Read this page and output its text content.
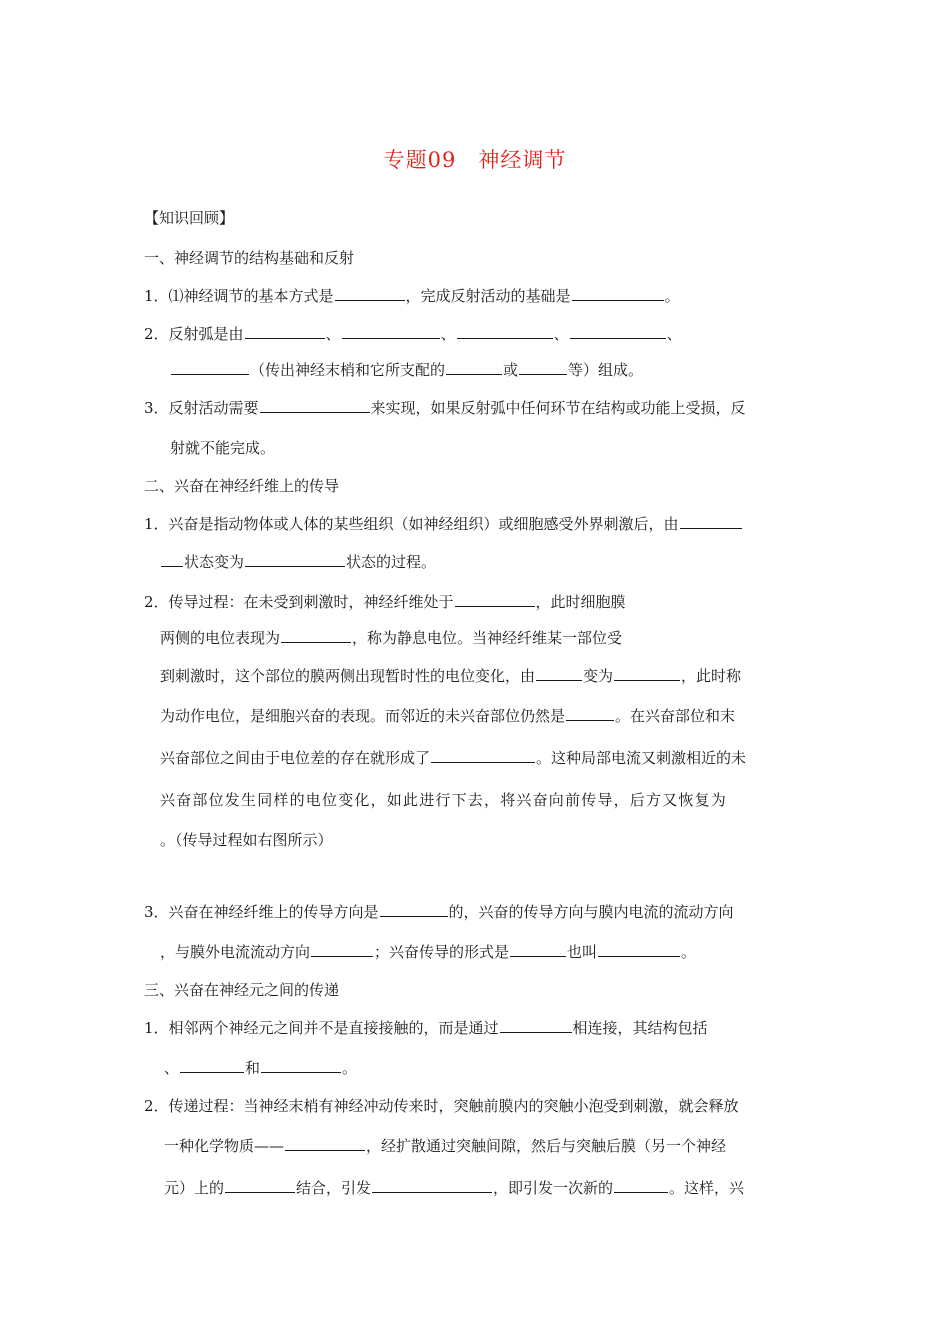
专题09　神经调节
【知识回顾】
一、神经调节的结构基础和反射
1．⑴神经调节的基本方式是	，完成反射活动的基础是	。
2．反射弧是由	、	、	、	、
（传出神经末梢和它所支配的	或	等）组成。
3．反射活动需要	来实现，如果反射弧中任何环节在结构或功能上受损，反
射就不能完成。
二、兴奋在神经纤维上的传导
1．兴奋是指动物体或人体的某些组织（如神经组织）或细胞感受外界刺激后，由
状态变为	状态的过程。
2．传导过程：在未受到刺激时，神经纤维处于	，此时细胞膜
两侧的电位表现为	，称为静息电位。当神经纤维某一部位受
到刺激时，这个部位的膜两侧出现暂时性的电位变化，由	变为	，此时称
为动作电位，是细胞兴奋的表现。而邻近的未兴奋部位仍然是	。在兴奋部位和末
兴奋部位之间由于电位差的存在就形成了	。这种局部电流又刺激相近的未
兴奋部位发生同样的电位变化，如此进行下去，将兴奋向前传导，后方又恢复为
。（传导过程如右图所示）
3．兴奋在神经纤维上的传导方向是	的，兴奋的传导方向与膜内电流的流动方向
，与膜外电流流动方向	；兴奋传导的形式是	也叫	。
三、兴奋在神经元之间的传递
1．相邻两个神经元之间并不是直接接触的，而是通过	相连接，其结构包括
、	和	。
2．传递过程：当神经末梢有神经冲动传来时，突触前膜内的突触小泡受到刺激，就会释放
一种化学物质——	，经扩散通过突触间隙，然后与突触后膜（另一个神经
元）上的	结合，引发	，即引发一次新的	。这样，兴
